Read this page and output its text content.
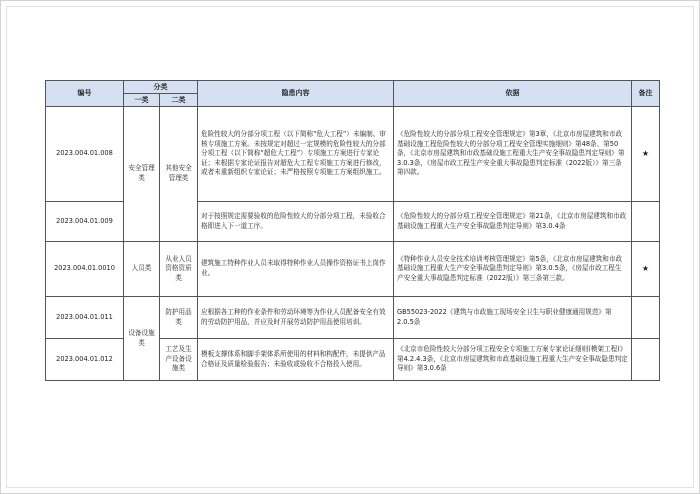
编号	分类		隐患内容	依据	备注
	一类	二类			
2023.004.01.008	安全管理类	其他安全管理类	危险性较大的分部分项工程（以下简称“危大工程”）未编制、审核专项施工方案。未按规定对超过一定规模的危险性较大的分部分项工程（以下简称“超危大工程”）专项施工方案进行专家论证；未根据专家论证报告对超危大工程专项施工方案进行修改，或者未重新组织专家论证；未严格按照专项施工方案组织施工。	《危险性较大的分部分项工程安全管理规定》第3章，《北京市房屋建筑和市政基础设施工程危险性较大的分部分项工程安全管理实施细则》第48条、第50条，《北京市房屋建筑和市政基础设施工程重大生产安全事故隐患判定导则》第3.0.3条，《房屋市政工程生产安全重大事故隐患判定标准（2022版）》第三条第四款。	★
2023.004.01.009			对于按照规定需要验收的危险性较大的分部分项工程，未验收合格即进入下一道工序。	《危险性较大的分部分项工程安全管理规定》第21条，《北京市房屋建筑和市政基础设施工程重大生产安全事故隐患判定导则》第3.0.4条	
2023.004.01.0010	人员类	从业人员资格资质类	建筑施工特种作业人员未取得特种作业人员操作资格证书上岗作业。	《特种作业人员安全技术培训考核管理规定》第5条，《北京市房屋建筑和市政基础设施工程重大生产安全事故隐患判定导则》第3.0.5条，《房屋市政工程生产安全重大事故隐患判定标准（2022版）》第三条第三款。	★
2023.004.01.011	设备设施类	防护用品类	应根据各工种的作业条件和劳动环境等为作业人员配备安全有效的劳动防护用品，并应及时开展劳动防护用品使用培训。	GB55023-2022《建筑与市政施工现场安全卫生与职业健康通用规范》第2.0.5条	
2023.004.01.012		工艺及生产设备设施类	模板支撑体系和脚手架体系所使用的材料和构配件，未提供产品合格证及质量检验报告；未验收或验收不合格投入使用。	《北京市危险性较大分部分项工程安全专项施工方案专家论证细则(模架工程)》第4.2.4.3条，《北京市房屋建筑和市政基础设施工程重大生产安全事故隐患判定导则》第3.0.6条	
